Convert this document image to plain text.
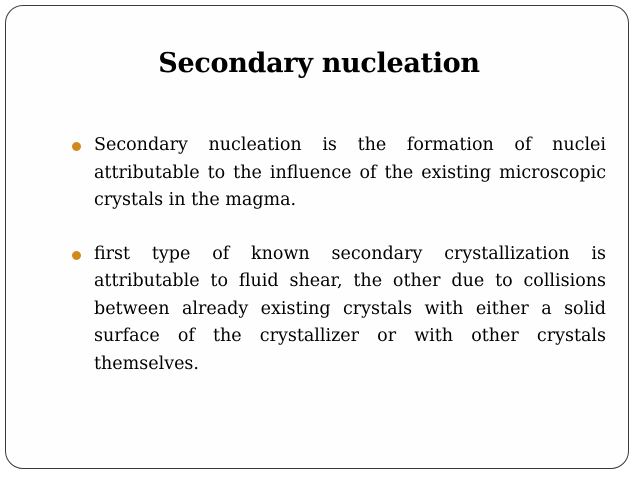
Secondary nucleation
Secondary nucleation is the formation of nuclei attributable to the influence of the existing microscopic crystals in the magma.
first type of known secondary crystallization is attributable to fluid shear, the other due to collisions between already existing crystals with either a solid surface of the crystallizer or with other crystals themselves.
